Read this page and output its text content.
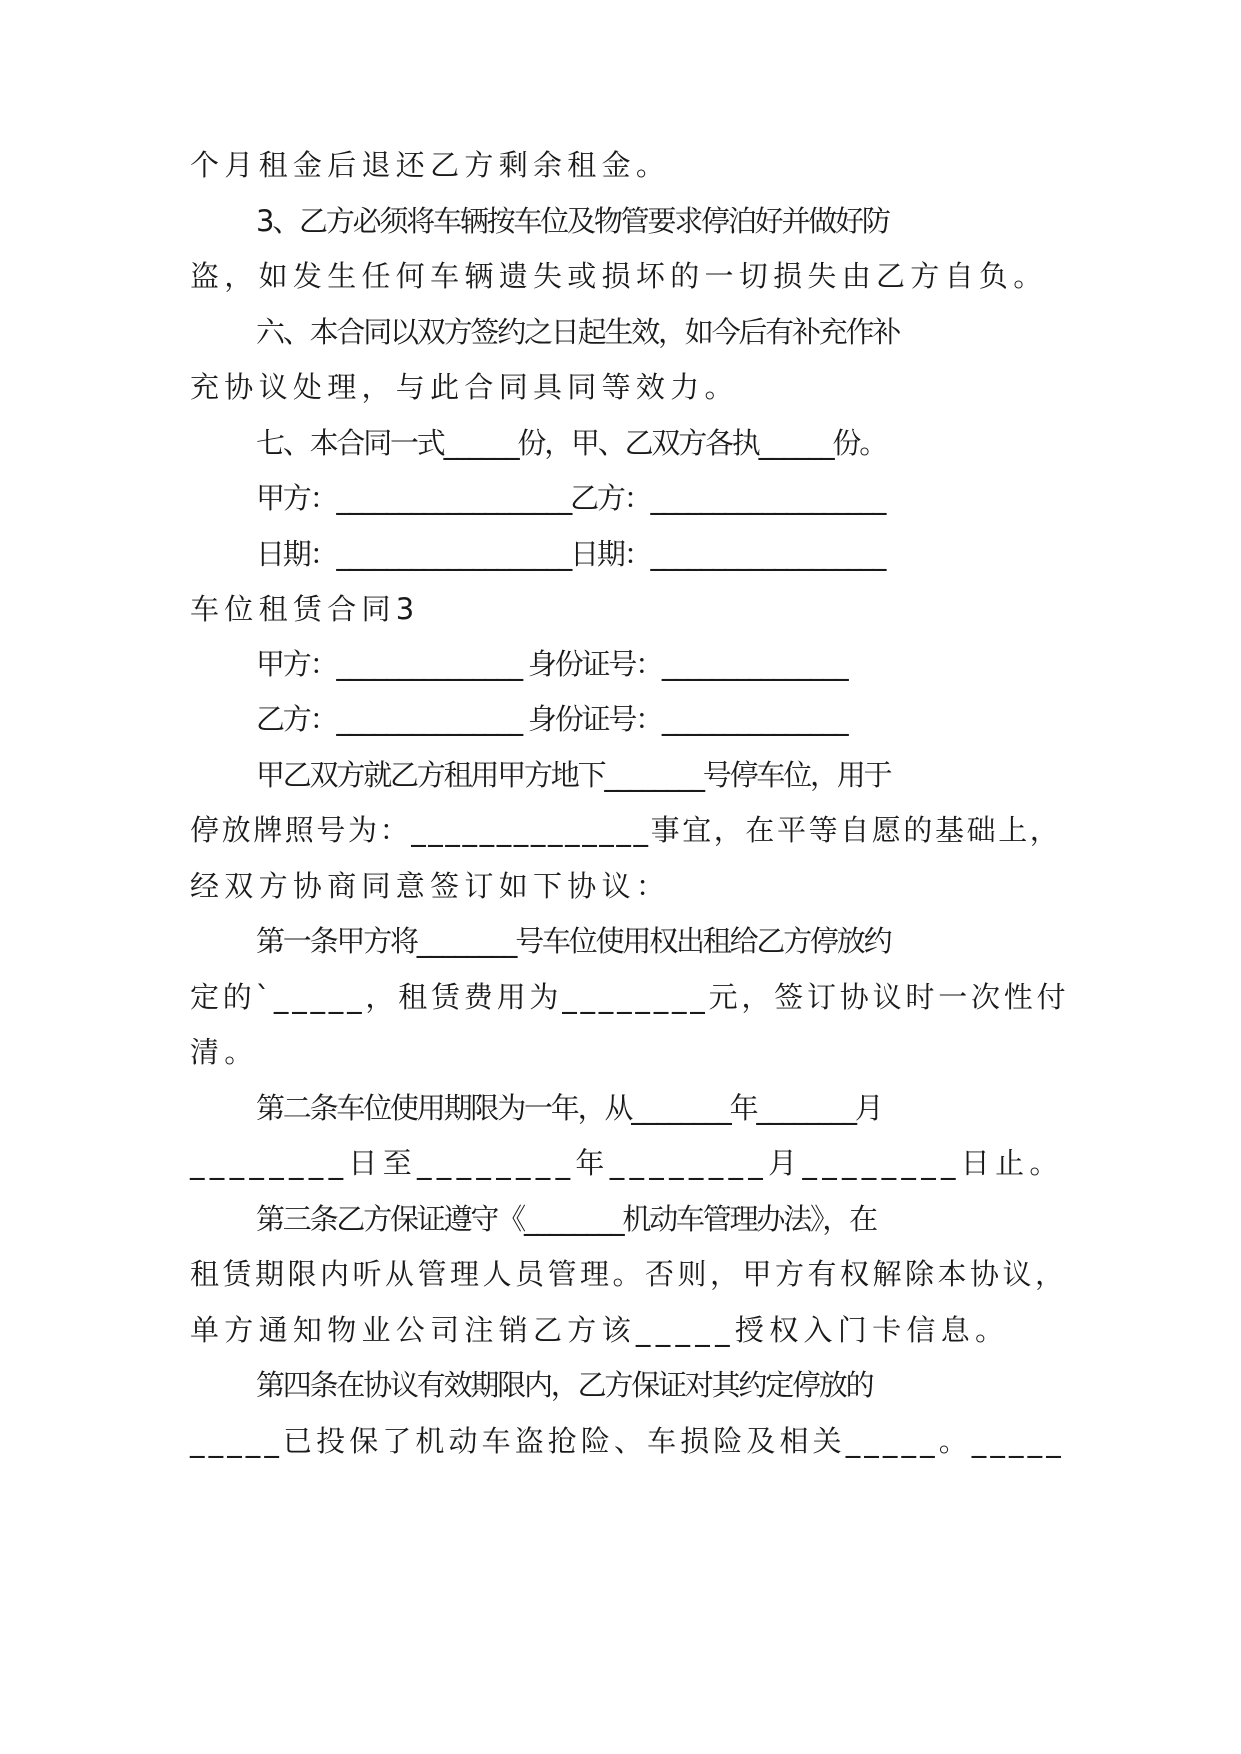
个月租金后退还乙方剩余租金。
3、乙方必须将车辆按车位及物管要求停泊好并做好防
盗，如发生任何车辆遗失或损坏的一切损失由乙方自负。
六、本合同以双方签约之日起生效，如今后有补充作补
充协议处理，与此合同具同等效力。
七、本合同一式______份，甲、乙双方各执______份。
甲方：___________________乙方：___________________
日期：___________________日期：___________________
车位租赁合同3
甲方：_______________ 身份证号：_______________
乙方：_______________ 身份证号：_______________
甲乙双方就乙方租用甲方地下________号停车位，用于
停放牌照号为：______________事宜，在平等自愿的基础上，
经双方协商同意签订如下协议：
第一条甲方将________号车位使用权出租给乙方停放约
定的`_____，租赁费用为________元，签订协议时一次性付
清。
第二条车位使用期限为一年，从________年________月
________日至________年________月________日止。
第三条乙方保证遵守《________机动车管理办法》，在
租赁期限内听从管理人员管理。否则，甲方有权解除本协议，
单方通知物业公司注销乙方该_____授权入门卡信息。
第四条在协议有效期限内，乙方保证对其约定停放的
_____已投保了机动车盗抢险、车损险及相关_____。_____
